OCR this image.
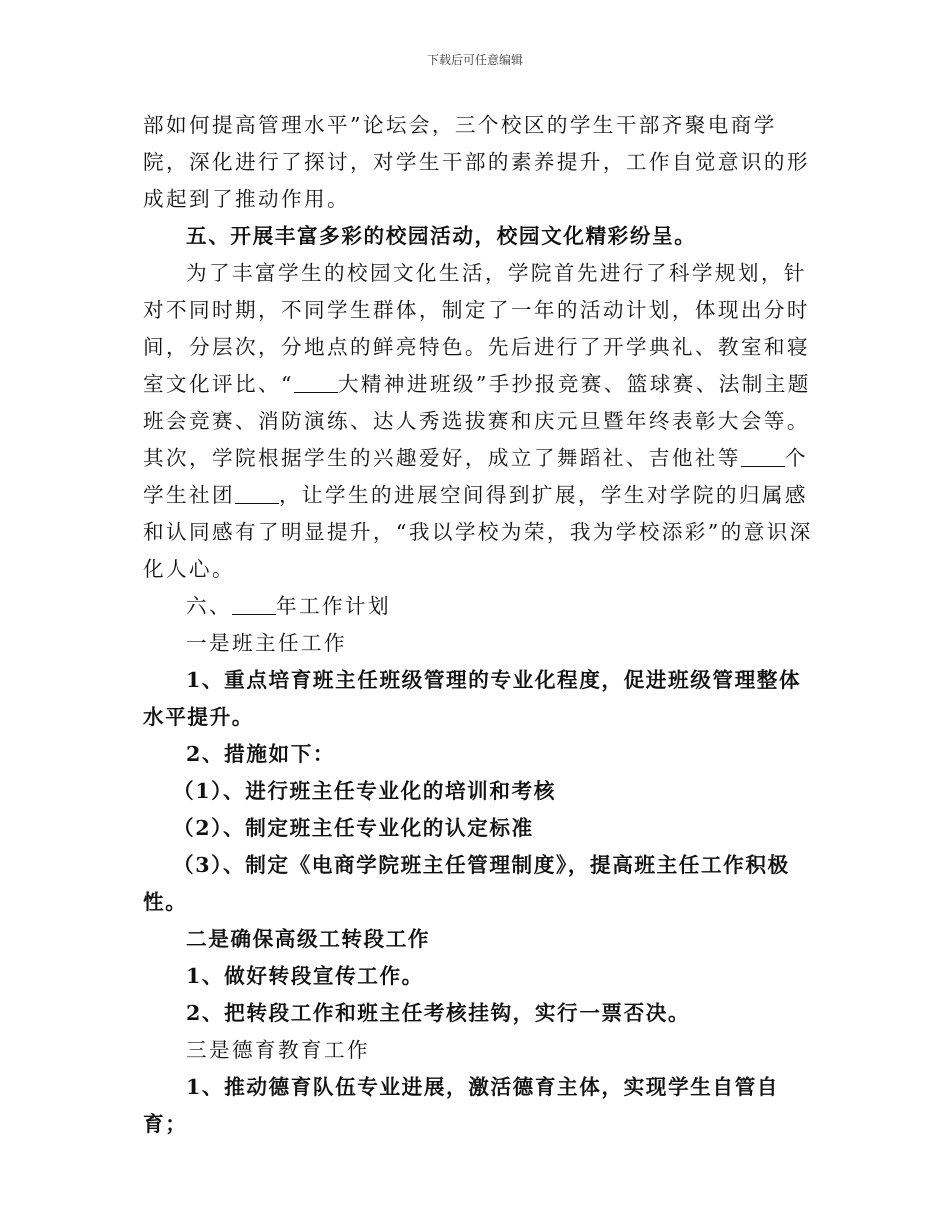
下载后可任意编辑

部如何提高管理水平”论坛会，三个校区的学生干部齐聚电商学院，深化进行了探讨，对学生干部的素养提升，工作自觉意识的形成起到了推动作用。

五、开展丰富多彩的校园活动，校园文化精彩纷呈。

为了丰富学生的校园文化生活，学院首先进行了科学规划，针对不同时期，不同学生群体，制定了一年的活动计划，体现出分时间，分层次，分地点的鲜亮特色。先后进行了开学典礼、教室和寝室文化评比、“ 大精神进班级”手抄报竞赛、篮球赛、法制主题班会竞赛、消防演练、达人秀选拔赛和庆元旦暨年终表彰大会等。其次，学院根据学生的兴趣爱好，成立了舞蹈社、吉他社等 个学生社团 ，让学生的进展空间得到扩展，学生对学院的归属感和认同感有了明显提升，“我以学校为荣，我为学校添彩”的意识深化人心。

六、 年工作计划

一是班主任工作

1、重点培育班主任班级管理的专业化程度，促进班级管理整体水平提升。

2、措施如下：

（1）、进行班主任专业化的培训和考核

（2）、制定班主任专业化的认定标准

（3）、制定《电商学院班主任管理制度》，提高班主任工作积极性。

二是确保高级工转段工作

1、做好转段宣传工作。

2、把转段工作和班主任考核挂钩，实行一票否决。

三是德育教育工作

1、推动德育队伍专业进展，激活德育主体，实现学生自管自育；
